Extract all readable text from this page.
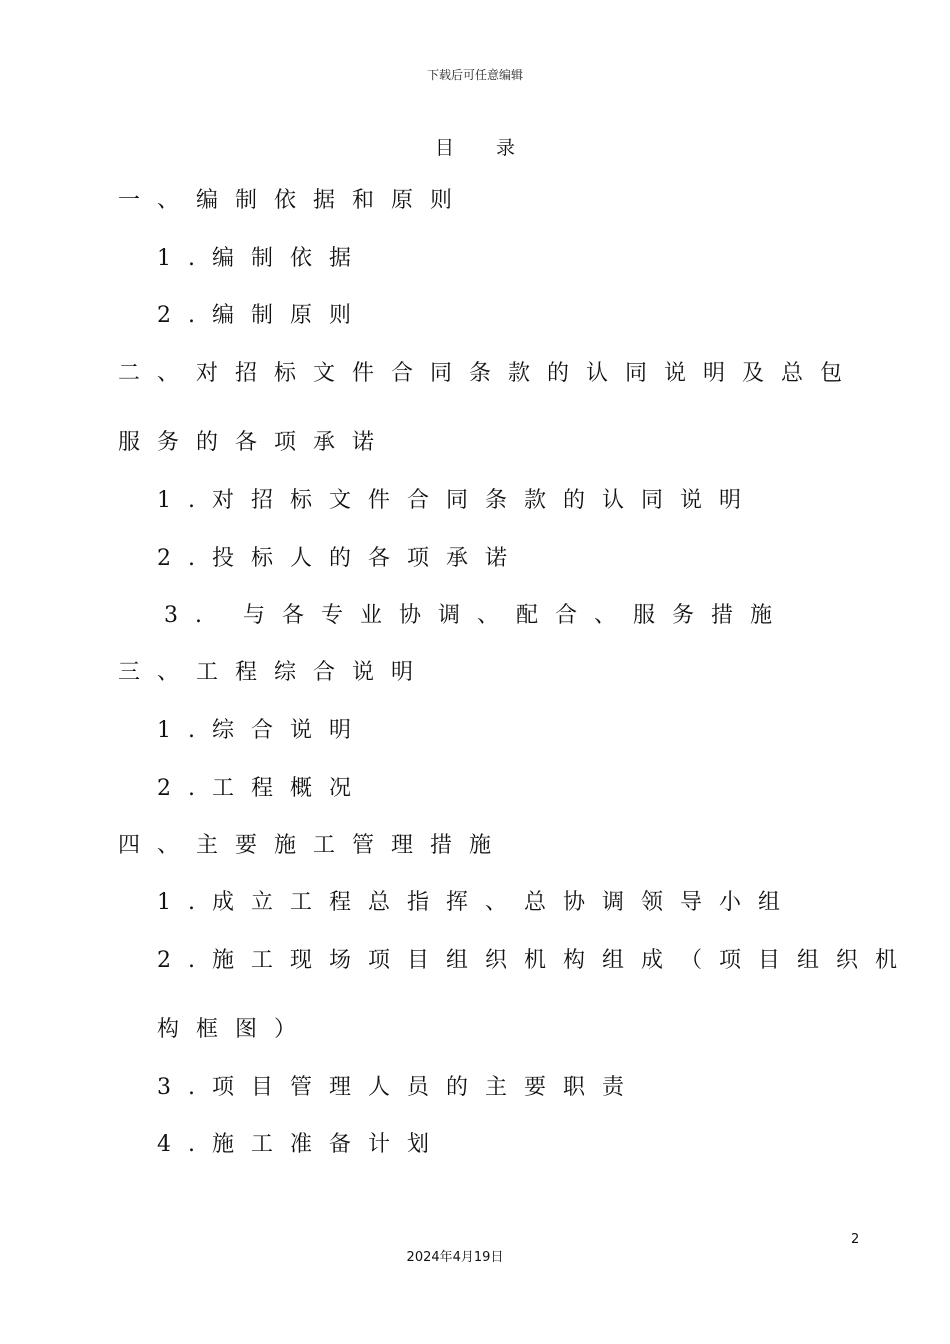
下载后可任意编辑
目 录
一、编制依据和原则
1.编制依据
2.编制原则
二、对招标文件合同条款的认同说明及总包
服务的各项承诺
1.对招标文件合同条款的认同说明
2.投标人的各项承诺
3. 与各专业协调、配合、服务措施
三、工程综合说明
1.综合说明
2.工程概况
四、主要施工管理措施
1.成立工程总指挥、总协调领导小组
2.施工现场项目组织机构组成（项目组织机
构框图）
3.项目管理人员的主要职责
4.施工准备计划
2
2024年4月19日
